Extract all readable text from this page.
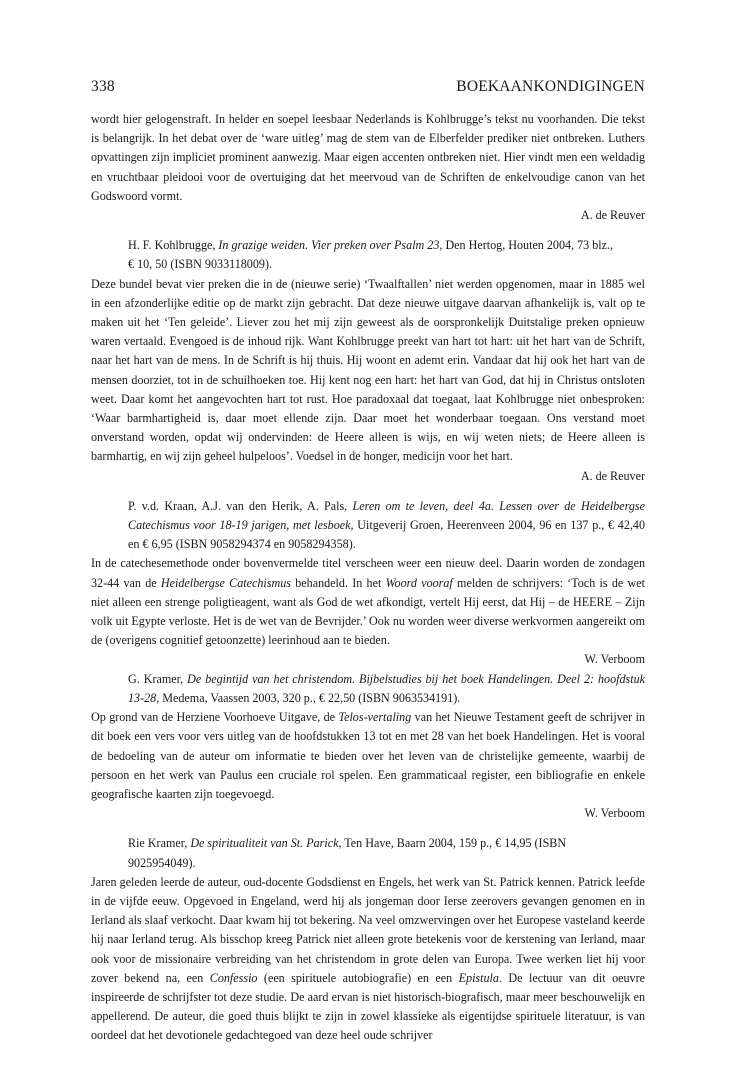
338	BOEKAANKONDIGINGEN

wordt hier gelogenstraft. In helder en soepel leesbaar Nederlands is Kohlbrugge’s tekst nu voorhanden. Die tekst is belangrijk. In het debat over de ‘ware uitleg’ mag de stem van de Elberfelder prediker niet ontbreken. Luthers opvattingen zijn impliciet prominent aanwezig. Maar eigen accenten ontbreken niet. Hier vindt men een weldadig en vruchtbaar pleidooi voor de overtuiging dat het meervoud van de Schriften de enkelvoudige canon van het Godswoord vormt.

A. de Reuver

H. F. Kohlbrugge, In grazige weiden. Vier preken over Psalm 23, Den Hertog, Houten 2004, 73 blz.,

€ 10, 50 (ISBN 9033118009).

Deze bundel bevat vier preken die in de (nieuwe serie) ‘Twaalftallen’ niet werden opgenomen, maar in 1885 wel in een afzonderlijke editie op de markt zijn gebracht. Dat deze nieuwe uitgave daarvan afhankelijk is, valt op te maken uit het ‘Ten geleide’. Liever zou het mij zijn geweest als de oorspronkelijk Duitstalige preken opnieuw waren vertaald. Evengoed is de inhoud rijk. Want Kohlbrugge preekt van hart tot hart: uit het hart van de Schrift, naar het hart van de mens. In de Schrift is hij thuis. Hij woont en ademt erin. Vandaar dat hij ook het hart van de mensen doorziet, tot in de schuilhoeken toe. Hij kent nog een hart: het hart van God, dat hij in Christus ontsloten weet. Daar komt het aangevochten hart tot rust. Hoe paradoxaal dat toegaat, laat Kohlbrugge niet onbesproken: ‘Waar barmhartigheid is, daar moet ellende zijn. Daar moet het wonderbaar toegaan. Ons verstand moet onverstand worden, opdat wij ondervinden: de Heere alleen is wijs, en wij weten niets; de Heere alleen is barmhartig, en wij zijn geheel hulpeloos’. Voedsel in de honger, medicijn voor het hart.

A. de Reuver

P. v.d. Kraan, A.J. van den Herik, A. Pals, Leren om te leven, deel 4a. Lessen over de Heidelbergse Catechismus voor 18-19 jarigen, met lesboek, Uitgeverij Groen, Heerenveen 2004, 96 en 137 p., € 42,40 en € 6,95 (ISBN 9058294374 en 9058294358).

In de catechesemethode onder bovenvermelde titel verscheen weer een nieuw deel. Daarin worden de zondagen 32-44 van de Heidelbergse Catechismus behandeld. In het Woord vooraf melden de schrijvers: ‘Toch is de wet niet alleen een strenge poligtieagent, want als God de wet afkondigt, vertelt Hij eerst, dat Hij – de HEERE – Zijn volk uit Egypte verloste. Het is de wet van de Bevrijder.’ Ook nu worden weer diverse werkvormen aangereikt om de (overigens cognitief getoonzette) leerinhoud aan te bieden.

W. Verboom

G. Kramer, De begintijd van het christendom. Bijbelstudies bij het boek Handelingen. Deel 2: hoofdstuk 13-28, Medema, Vaassen 2003, 320 p., € 22,50 (ISBN 9063534191).

Op grond van de Herziene Voorhoeve Uitgave, de Telos-vertaling van het Nieuwe Testament geeft de schrijver in dit boek een vers voor vers uitleg van de hoofdstukken 13 tot en met 28 van het boek Handelingen. Het is vooral de bedoeling van de auteur om informatie te bieden over het leven van de christelijke gemeente, waarbij de persoon en het werk van Paulus een cruciale rol spelen. Een grammaticaal register, een bibliografie en enkele geografische kaarten zijn toegevoegd.

W. Verboom

Rie Kramer, De spiritualiteit van St. Parick, Ten Have, Baarn 2004, 159 p., € 14,95 (ISBN

9025954049).

Jaren geleden leerde de auteur, oud-docente Godsdienst en Engels, het werk van St. Patrick kennen. Patrick leefde in de vijfde eeuw. Opgevoed in Engeland, werd hij als jongeman door Ierse zeerovers gevangen genomen en in Ierland als slaaf verkocht. Daar kwam hij tot bekering. Na veel omzwervingen over het Europese vasteland keerde hij naar Ierland terug. Als bisschop kreeg Patrick niet alleen grote betekenis voor de kerstening van Ierland, maar ook voor de missionaire verbreiding van het christendom in grote delen van Europa. Twee werken liet hij voor zover bekend na, een Confessio (een spirituele autobiografie) en een Epistula. De lectuur van dit oeuvre inspireerde de schrijfster tot deze studie. De aard ervan is niet historisch-biografisch, maar meer beschouwelijk en appellerend. De auteur, die goed thuis blijkt te zijn in zowel klassieke als eigentijdse spirituele literatuur, is van oordeel dat het devotionele gedachtegoed van deze heel oude schrijver
